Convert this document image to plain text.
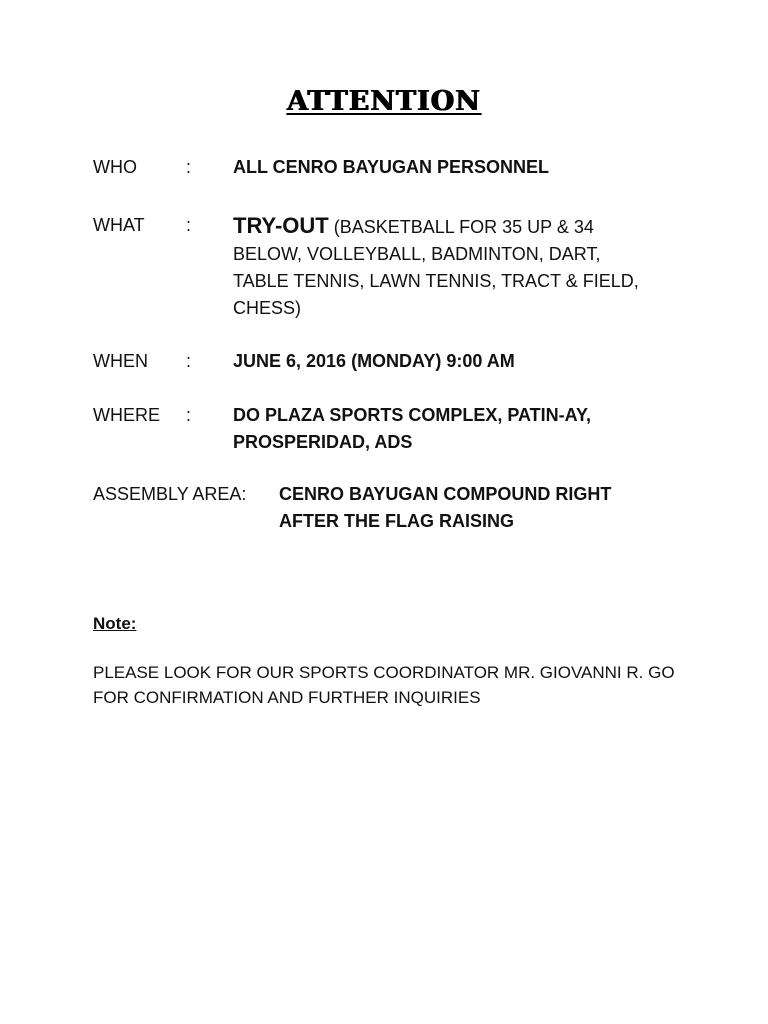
ATTENTION
WHO	: ALL CENRO BAYUGAN PERSONNEL
WHAT : TRY-OUT (BASKETBALL FOR 35 UP & 34
BELOW, VOLLEYBALL, BADMINTON, DART,
TABLE TENNIS, LAWN TENNIS, TRACT & FIELD,
CHESS)
WHEN : JUNE 6, 2016 (MONDAY) 9:00 AM
WHERE : DO PLAZA SPORTS COMPLEX, PATIN-AY,
PROSPERIDAD, ADS
ASSEMBLY AREA: CENRO BAYUGAN COMPOUND RIGHT
AFTER THE FLAG RAISING
Note:
PLEASE LOOK FOR OUR SPORTS COORDINATOR MR. GIOVANNI R. GO
FOR CONFIRMATION AND FURTHER INQUIRIES
